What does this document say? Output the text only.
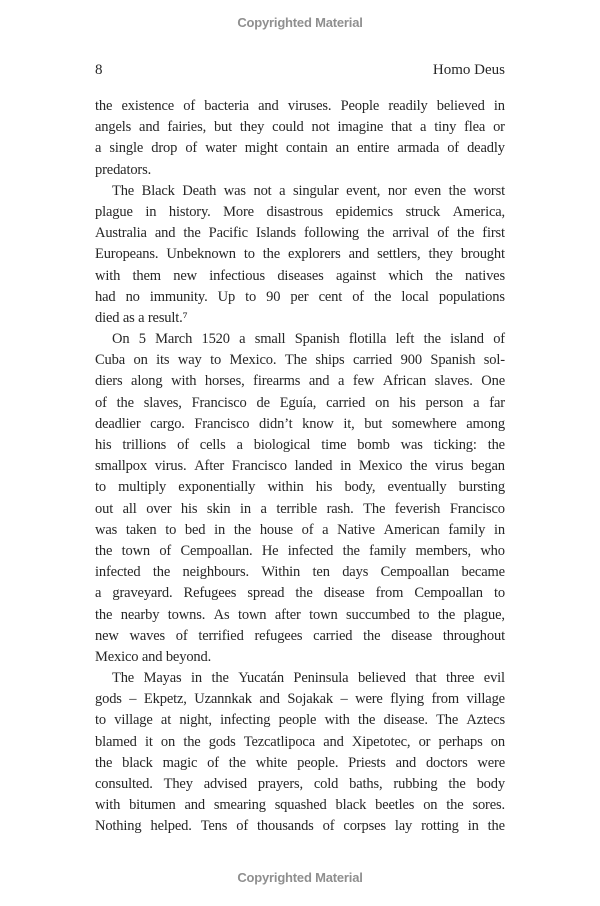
Copyrighted Material
8	Homo Deus
the existence of bacteria and viruses. People readily believed in
angels and fairies, but they could not imagine that a tiny flea or
a single drop of water might contain an entire armada of deadly
predators.
The Black Death was not a singular event, nor even the worst
plague in history. More disastrous epidemics struck America,
Australia and the Pacific Islands following the arrival of the first
Europeans. Unbeknown to the explorers and settlers, they brought
with them new infectious diseases against which the natives
had no immunity. Up to 90 per cent of the local populations
died as a result.⁷
On 5 March 1520 a small Spanish flotilla left the island of
Cuba on its way to Mexico. The ships carried 900 Spanish sol-
diers along with horses, firearms and a few African slaves. One
of the slaves, Francisco de Eguía, carried on his person a far
deadlier cargo. Francisco didn’t know it, but somewhere among
his trillions of cells a biological time bomb was ticking: the
smallpox virus. After Francisco landed in Mexico the virus began
to multiply exponentially within his body, eventually bursting
out all over his skin in a terrible rash. The feverish Francisco
was taken to bed in the house of a Native American family in
the town of Cempoallan. He infected the family members, who
infected the neighbours. Within ten days Cempoallan became
a graveyard. Refugees spread the disease from Cempoallan to
the nearby towns. As town after town succumbed to the plague,
new waves of terrified refugees carried the disease throughout
Mexico and beyond.
The Mayas in the Yucatán Peninsula believed that three evil
gods – Ekpetz, Uzannkak and Sojakak – were flying from village
to village at night, infecting people with the disease. The Aztecs
blamed it on the gods Tezcatlipoca and Xipetotec, or perhaps on
the black magic of the white people. Priests and doctors were
consulted. They advised prayers, cold baths, rubbing the body
with bitumen and smearing squashed black beetles on the sores.
Nothing helped. Tens of thousands of corpses lay rotting in the
Copyrighted Material
